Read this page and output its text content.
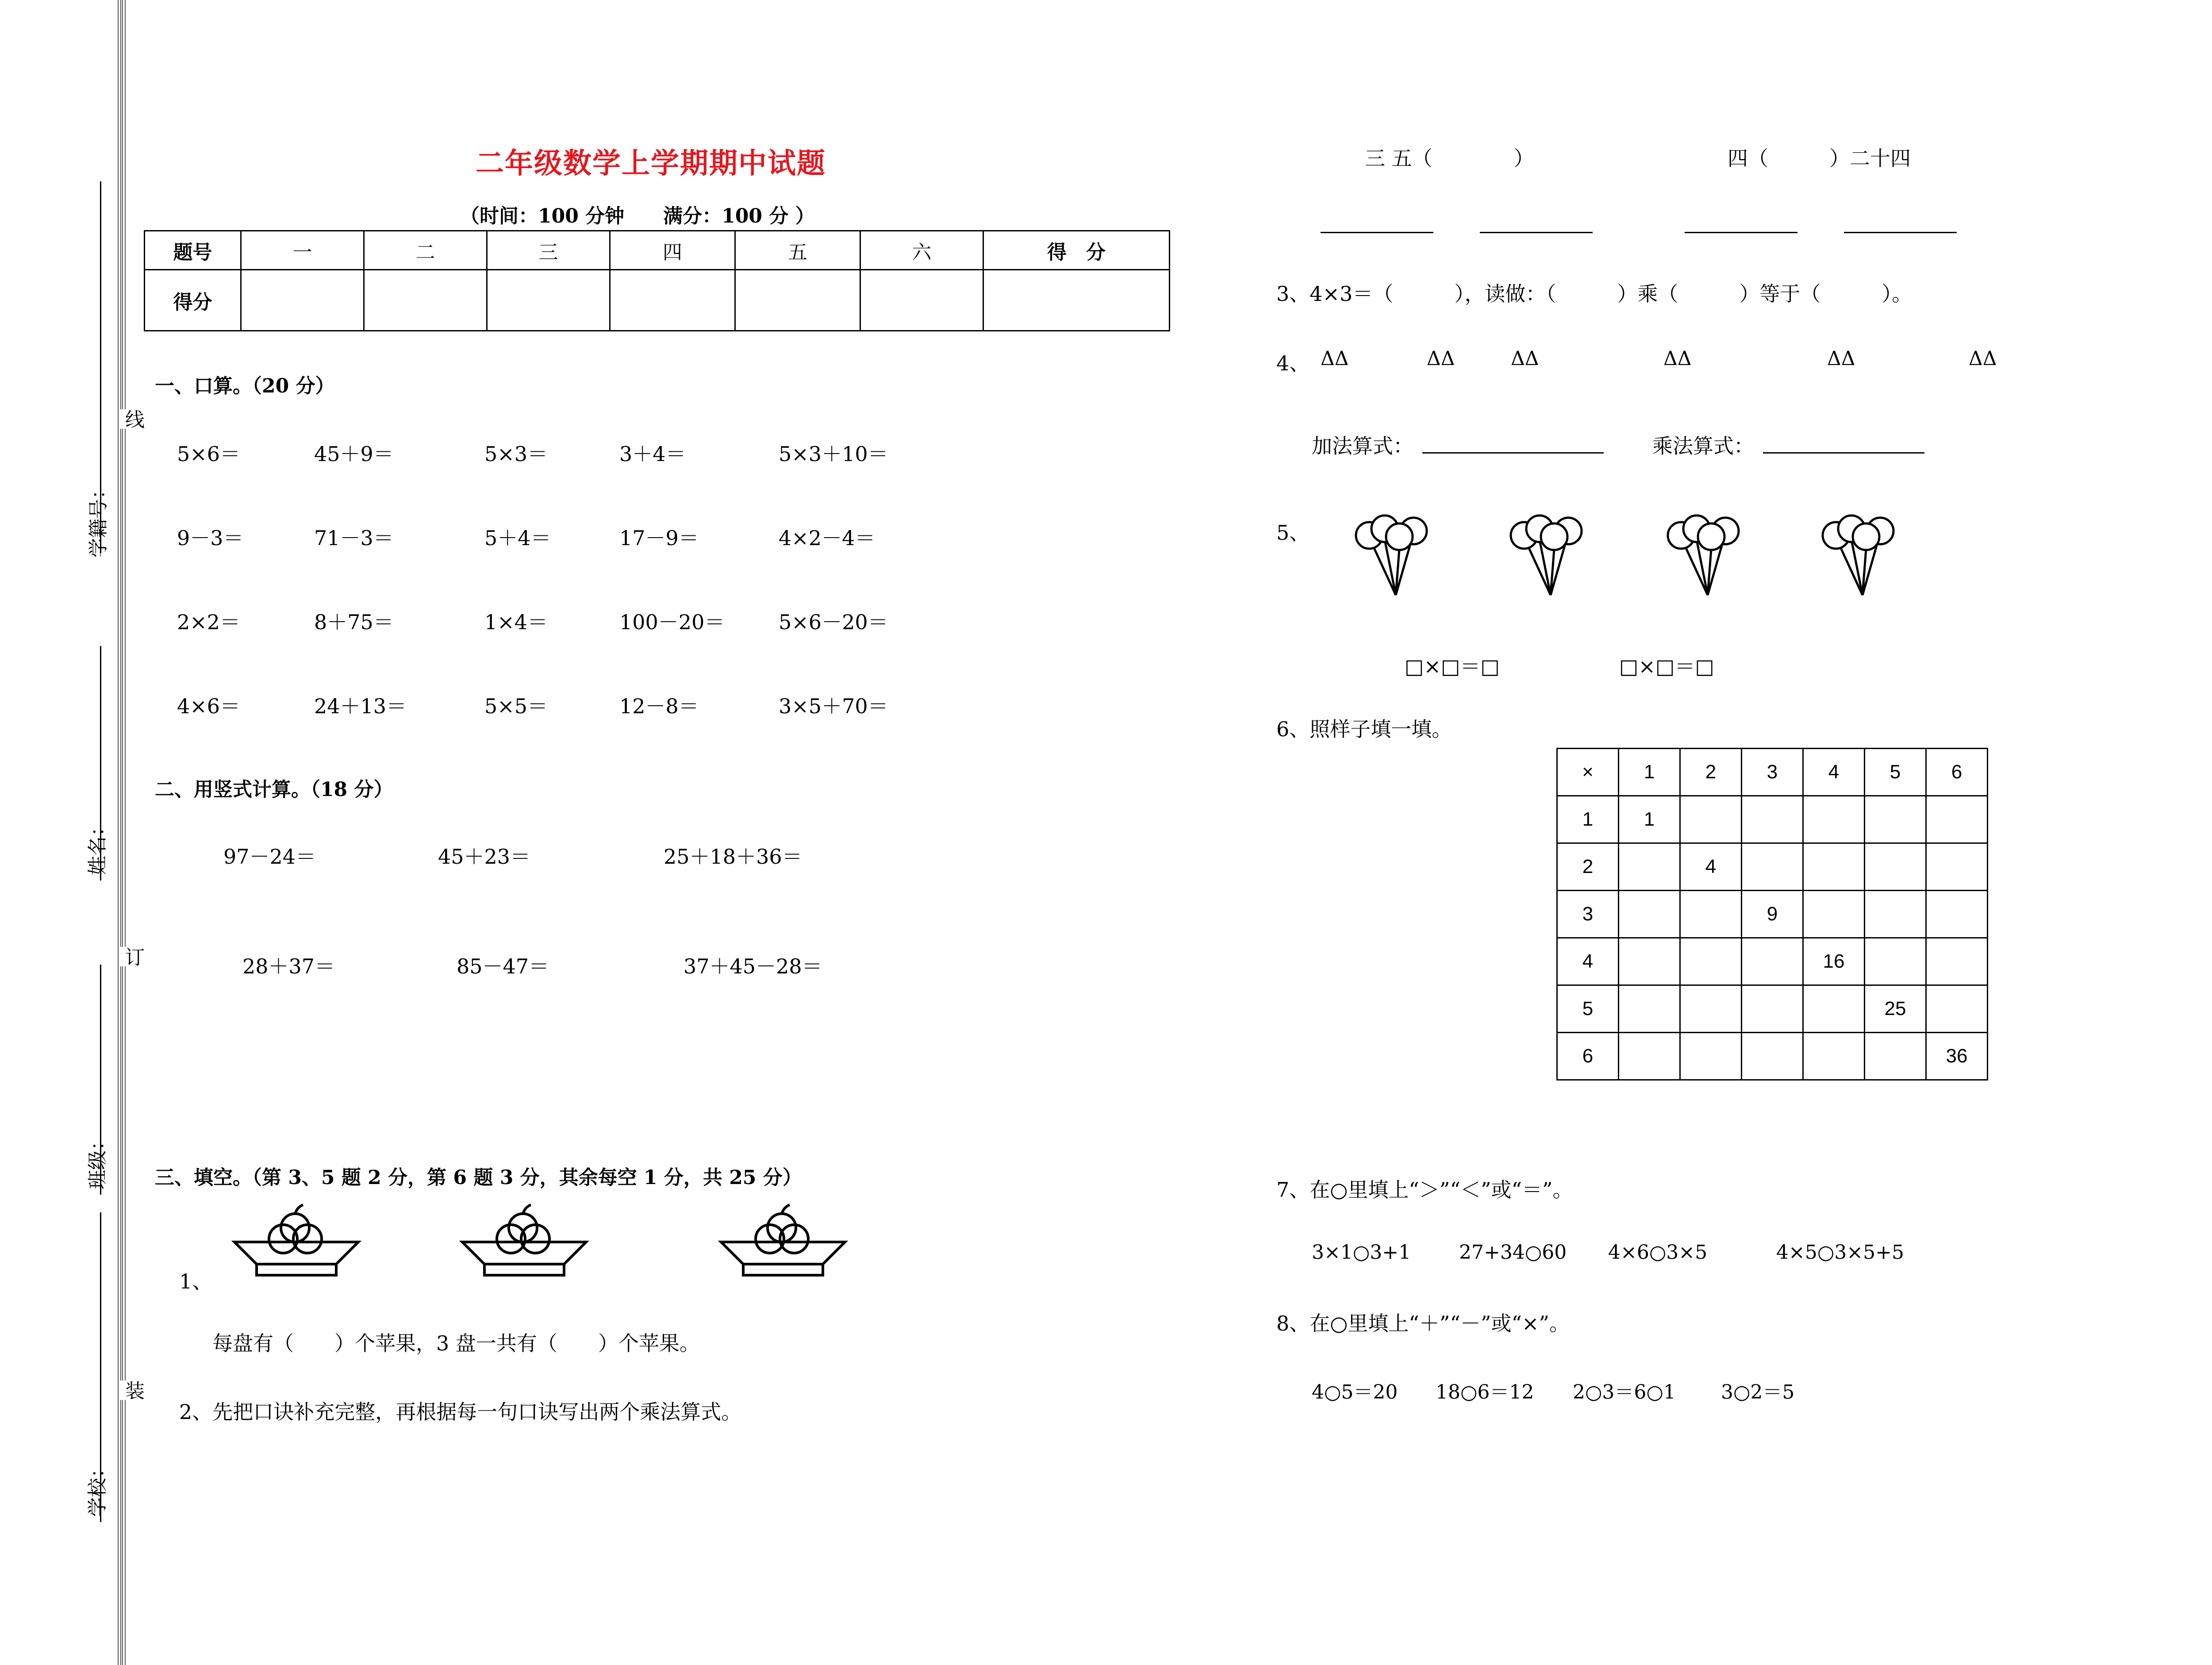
线
订
装
学籍号：
姓名：
班级：
学校：
二年级数学上学期期中试题
（时间：100 分钟　　满分：100 分 ）
题号	一	二	三	四	五	六	得　分
得分							
一、口算。（20 分）
5×6＝	45＋9＝	5×3＝	3＋4＝	5×3＋10＝
9－3＝	71－3＝	5＋4＝	17－9＝	4×2－4＝
2×2＝	8＋75＝	1×4＝	100－20＝	5×6－20＝
4×6＝	24＋13＝	5×5＝	12－8＝	3×5＋70＝
二、用竖式计算。（18 分）
97－24＝	45＋23＝	25＋18＋36＝
28＋37＝	85－47＝	37＋45－28＝
三、填空。（第 3、5 题 2 分，第 6 题 3 分，其余每空 1 分，共 25 分）
1、
每盘有（　　）个苹果，3 盘一共有（　　）个苹果。
2、先把口诀补充完整，再根据每一句口诀写出两个乘法算式。
三 五（　　　　）	四（　　　）二十四
3、4×3＝（　　　），读做：（　　　）乘（　　　）等于（　　　）。
4、 ΔΔ	ΔΔ	ΔΔ	ΔΔ	ΔΔ	ΔΔ
加法算式：	乘法算式：
5、
□×□＝□	□×□＝□
6、照样子填一填。
×	1	2	3	4	5	6
1	1					
2		4				
3			9			
4				16		
5					25	
6						36
7、在○里填上“＞”“＜”或“＝”。
3×1○3+1 27+34○60 4×6○3×5	4×5○3×5+5
8、在○里填上“＋”“－”或“×”。
4○5＝20 18○6＝12 2○3＝6○1 3○2＝5
